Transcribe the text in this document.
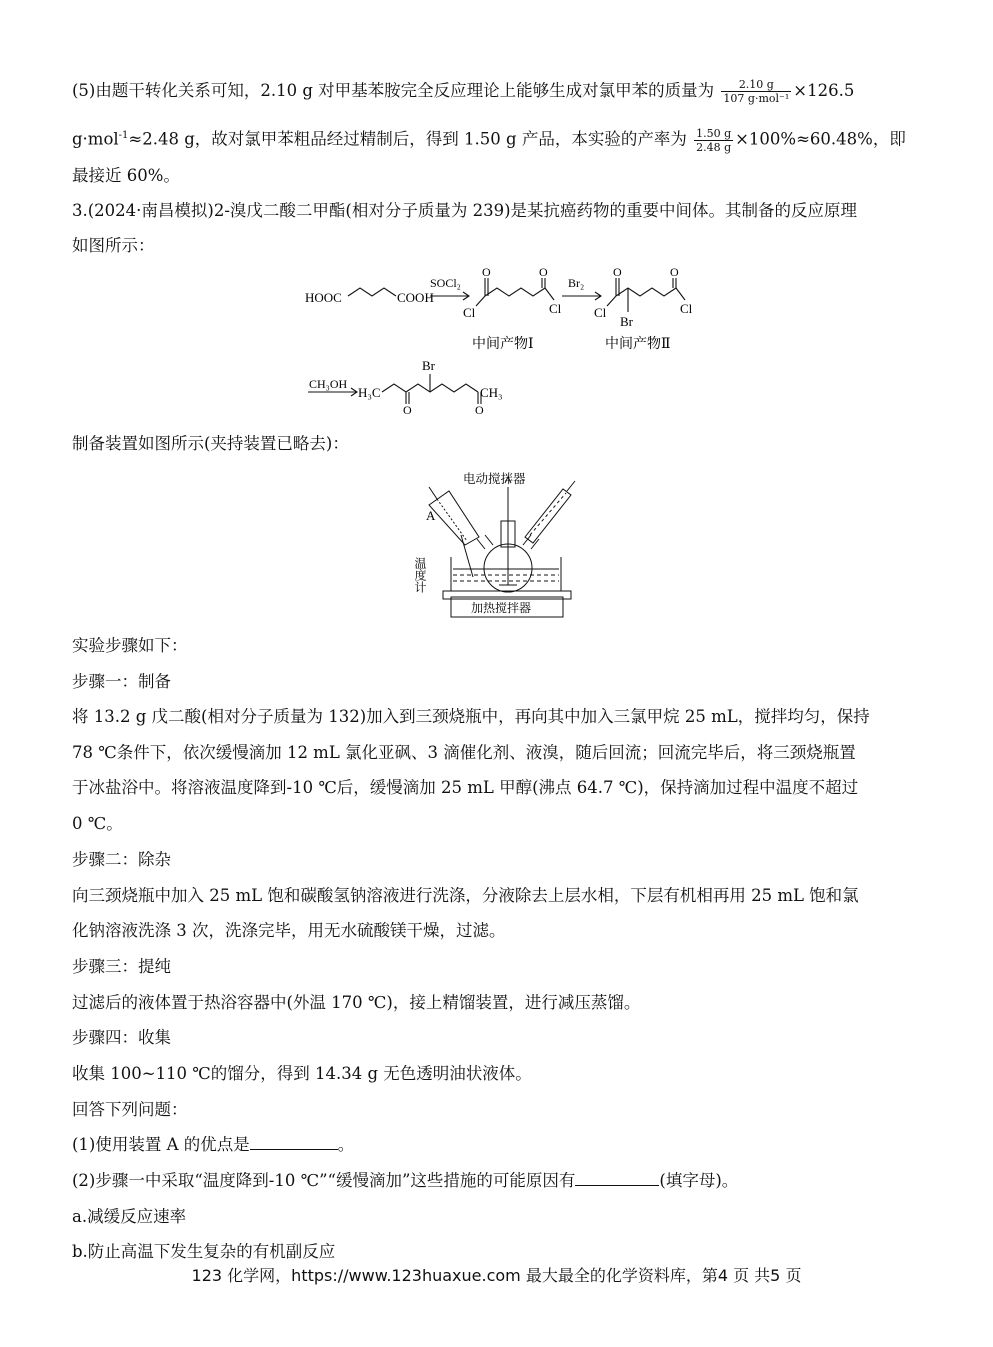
(5)由题干转化关系可知，2.10 g 对甲基苯胺完全反应理论上能够生成对氯甲苯的质量为 $\frac{2.10 g}{\text{107 g·mol⁻¹}} \times 126.5$
g·mol$^{-1}$≈2.48 g，故对氯甲苯粗品经过精制后，得到 1.50 g 产品，本实验的产率为 $\frac{1.50 g}{2.48 g} \times 100\%\approx 60.48\%$，即
最接近 60%。
3.(2024·南昌模拟)2-溴戊二酸二甲酯(相对分子质量为 239)是某抗癌药物的重要中间体。其制备的反应原理
如图所示：
HOOC	COOH
SOCl₂
O	O
Cl	Cl
Br₂
O	O
Cl	Cl
Br
中间产物Ⅰ	中间产物Ⅱ
CH₃OH
H₃C
Br
O	O
CH₃
制备装置如图所示(夹持装置已略去)：
电动搅拌器
A
温度计
加热搅拌器
实验步骤如下：
步骤一：制备
将 13.2 g 戊二酸(相对分子质量为 132)加入到三颈烧瓶中，再向其中加入三氯甲烷 25 mL，搅拌均匀，保持
78 ℃条件下，依次缓慢滴加 12 mL 氯化亚砜、3 滴催化剂、液溴，随后回流；回流完毕后，将三颈烧瓶置
于冰盐浴中。将溶液温度降到-10 ℃后，缓慢滴加 25 mL 甲醇(沸点 64.7 ℃)，保持滴加过程中温度不超过
0 ℃。
步骤二：除杂
向三颈烧瓶中加入 25 mL 饱和碳酸氢钠溶液进行洗涤，分液除去上层水相，下层有机相再用 25 mL 饱和氯
化钠溶液洗涤 3 次，洗涤完毕，用无水硫酸镁干燥，过滤。
步骤三：提纯
过滤后的液体置于热浴容器中(外温 170 ℃)，接上精馏装置，进行减压蒸馏。
步骤四：收集
收集 100~110 ℃的馏分，得到 14.34 g 无色透明油状液体。
回答下列问题：
(1)使用装置 A 的优点是	。
(2)步骤一中采取“温度降到-10 ℃”“缓慢滴加”这些措施的可能原因有	(填字母)。
a.减缓反应速率
b.防止高温下发生复杂的有机副反应
123 化学网，https://www.123huaxue.com 最大最全的化学资料库，第4 页 共5 页
